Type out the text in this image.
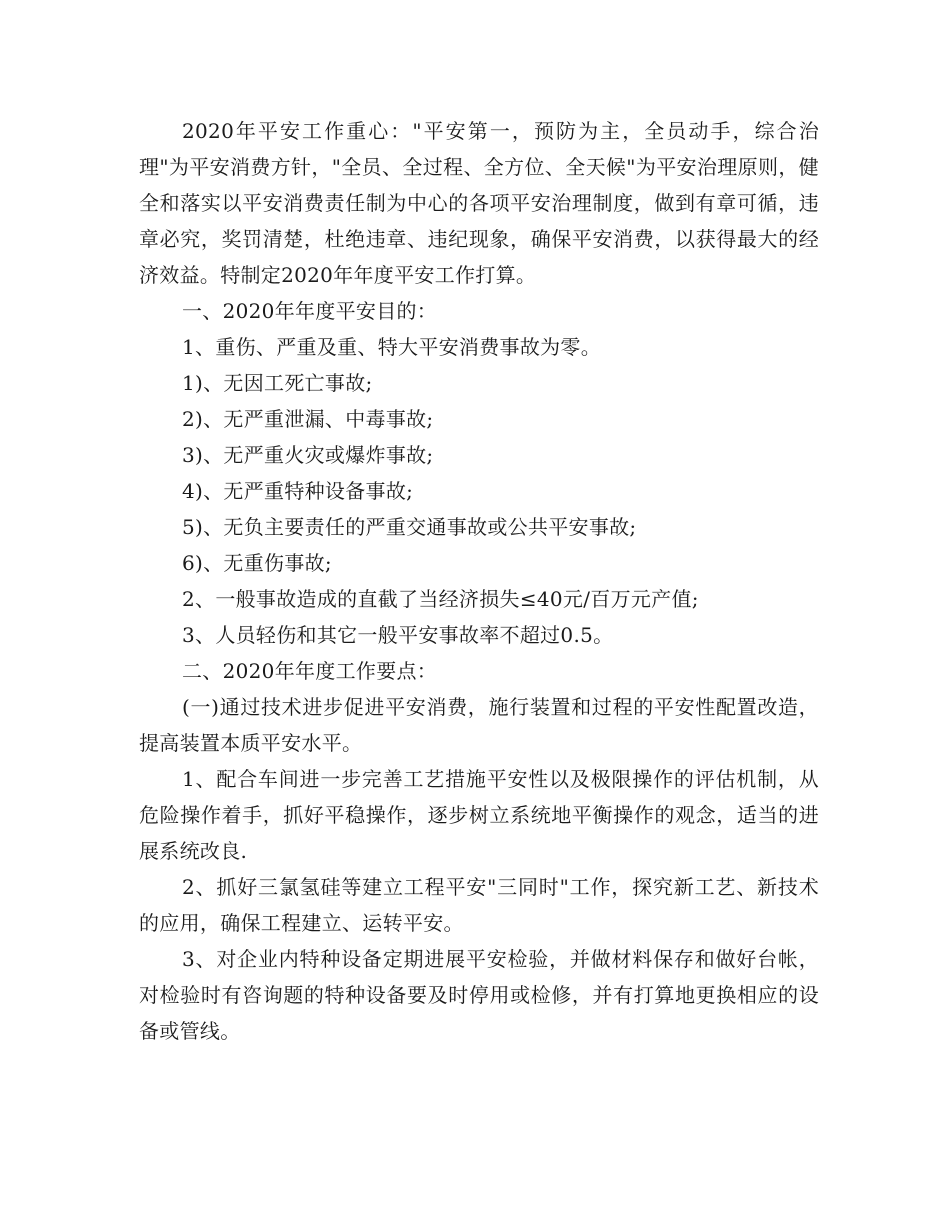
2020年平安工作重心："平安第一，预防为主，全员动手，综合治理"为平安消费方针，"全员、全过程、全方位、全天候"为平安治理原则，健全和落实以平安消费责任制为中心的各项平安治理制度，做到有章可循，违章必究，奖罚清楚，杜绝违章、违纪现象，确保平安消费，以获得最大的经济效益。特制定2020年年度平安工作打算。

一、2020年年度平安目的：

1、重伤、严重及重、特大平安消费事故为零。

1)、无因工死亡事故;

2)、无严重泄漏、中毒事故;

3)、无严重火灾或爆炸事故;

4)、无严重特种设备事故;

5)、无负主要责任的严重交通事故或公共平安事故;

6)、无重伤事故;

2、一般事故造成的直截了当经济损失≤40元/百万元产值;

3、人员轻伤和其它一般平安事故率不超过0.5。

二、2020年年度工作要点：

(一)通过技术进步促进平安消费，施行装置和过程的平安性配置改造，提高装置本质平安水平。

1、配合车间进一步完善工艺措施平安性以及极限操作的评估机制，从危险操作着手，抓好平稳操作，逐步树立系统地平衡操作的观念，适当的进展系统改良.

2、抓好三氯氢硅等建立工程平安"三同时"工作，探究新工艺、新技术的应用，确保工程建立、运转平安。

3、对企业内特种设备定期进展平安检验，并做材料保存和做好台帐，对检验时有咨询题的特种设备要及时停用或检修，并有打算地更换相应的设备或管线。
